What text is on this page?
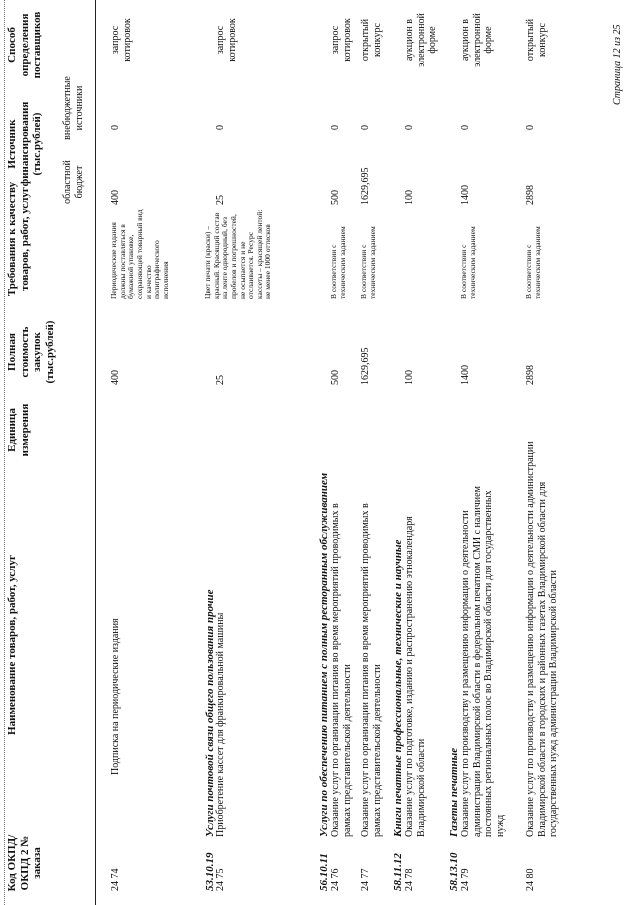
Код ОКПД/ ОКПД 2 № заказа
Наименование товаров, работ, услуг
Единица измерения
Полная стоимость закупок (тыс.рублей)
Требования к качеству товаров, работ, услуг
Источник финансирования (тыс.рублей)
областной бюджет
внебюджетные источники
Способ определения поставщиков
24 74
Подписка на периодические издания
400
Периодические издания должны поставляться в бумажной упаковке, сохраняющей товарный вид и качество полиграфического исполнения
400
0
запрос котировок
53.10.19
Услуги почтовой связи общего пользования прочие
24 75
Приобретение кассет для франкировальной машины
25
Цвет печати (краски) – красный. Красящий состав на ленте однородный, без пробелов и погрешностей, не осыпается и не отслаивается. Ресурс кассеты – красящей лентой: не менее 1000 оттисков
25
0
запрос котировок
56.10.11
Услуги по обеспечению питанием с полным ресторанным обслуживанием
24 76
Оказание услуг по организации питания во время мероприятий проводимых в рамках представительской деятельности
500
В соответствии с техническим заданием
500
0
запрос котировок
24 77
Оказание услуг по организации питания во время мероприятий проводимых в рамках представительской деятельности
1629,695
В соответствии с техническим заданием
1629,695
0
открытый конкурс
58.11.12
Книги печатные профессиональные, технические и научные
24 78
Оказание услуг по подготовке, изданию и распространению этнокалендаря Владимирской области
100
100
0
аукцион в электронной форме
58.13.10
Газеты печатные
24 79
Оказание услуг по производству и размещению информации о деятельности администрации Владимирской области в федеральном печатном СМИ с наличием постоянных региональных полос во Владимирской области для государственных нужд
1400
В соответствии с техническим заданием
1400
0
аукцион в электронной форме
24 80
Оказание услуг по производству и размещению информации о деятельности администрации Владимирской области в городских и районных газетах Владимирской области для государственных нужд администрации Владимирской области
2898
В соответствии с техническим заданием
2898
0
открытый конкурс	Страница 12 из 25
